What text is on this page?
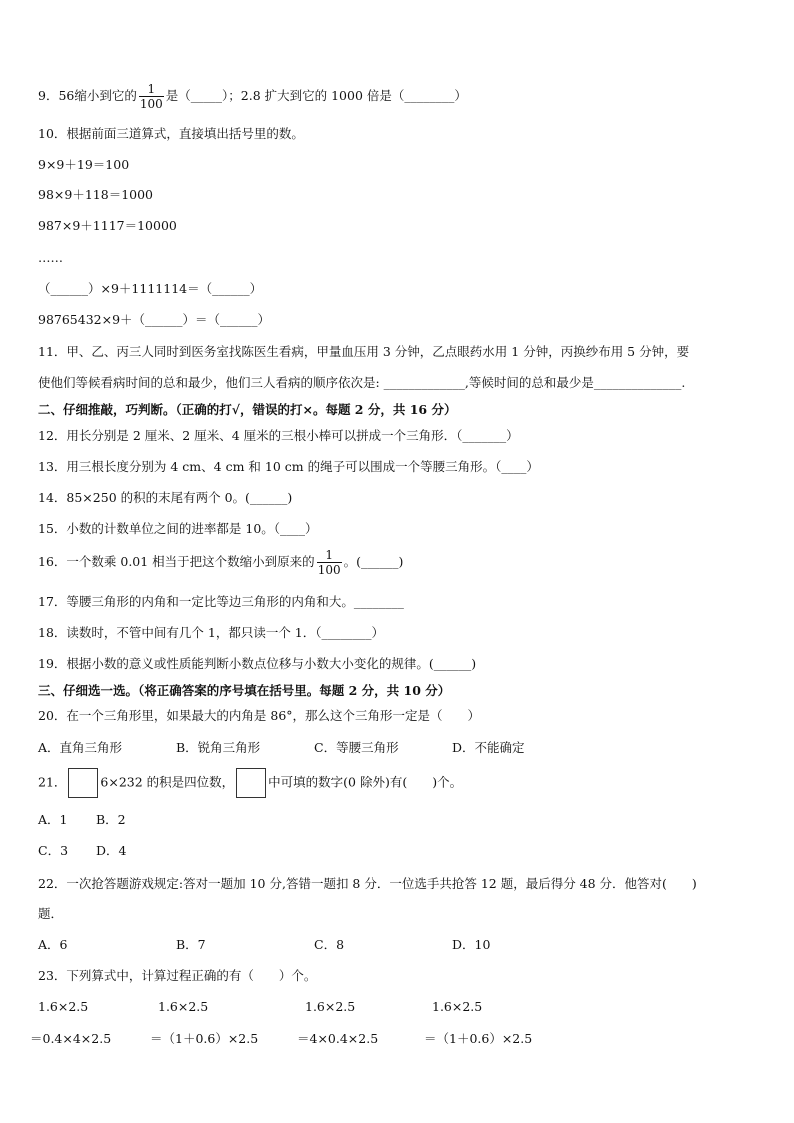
9．56缩小到它的 $\frac{1}{100}$ 是（_____）；2.8 扩大到它的 1000 倍是（________）
10．根据前面三道算式，直接填出括号里的数。
9×9＋19＝100
98×9＋118＝1000
987×9＋1117＝10000
……
（______）×9＋1111114＝（______）
98765432×9＋（______）＝（______）
11．甲、乙、丙三人同时到医务室找陈医生看病，甲量血压用 3 分钟，乙点眼药水用 1 分钟，丙换纱布用 5 分钟，要
使他们等候看病时间的总和最少，他们三人看病的顺序依次是: _____________,等候时间的总和最少是______________.
二、仔细推敲，巧判断。（正确的打√，错误的打×。每题 2 分，共 16 分）
12．用长分别是 2 厘米、2 厘米、4 厘米的三根小棒可以拼成一个三角形．（_______）
13．用三根长度分别为 4 cm、4 cm 和 10 cm 的绳子可以围成一个等腰三角形。（____）
14．85×250 的积的末尾有两个 0。(______)
15．小数的计数单位之间的进率都是 10。（____）
16．一个数乘 0.01 相当于把这个数缩小到原来的 $\frac{1}{100}$ 。(______)
17．等腰三角形的内角和一定比等边三角形的内角和大。________
18．读数时，不管中间有几个 1，都只读一个 1．（________）
19．根据小数的意义或性质能判断小数点位移与小数大小变化的规律。(______)
三、仔细选一选。（将正确答案的序号填在括号里。每题 2 分，共 10 分）
20．在一个三角形里，如果最大的内角是 86°，那么这个三角形一定是（　　）
A．直角三角形	B．锐角三角形	C．等腰三角形	D．不能确定
21．	6×232 的积是四位数，	中可填的数字(0 除外)有(　　)个。
A．1 B．2
C．3 D．4
22．一次抢答题游戏规定:答对一题加 10 分,答错一题扣 8 分．一位选手共抢答 12 题，最后得分 48 分．他答对(　　)
题．
A．6	B．7	C．8	D．10
23．下列算式中，计算过程正确的有（　　）个。
1.6×2.5	1.6×2.5	1.6×2.5	1.6×2.5
＝0.4×4×2.5	＝（1＋0.6）×2.5	＝4×0.4×2.5	＝（1＋0.6）×2.5
